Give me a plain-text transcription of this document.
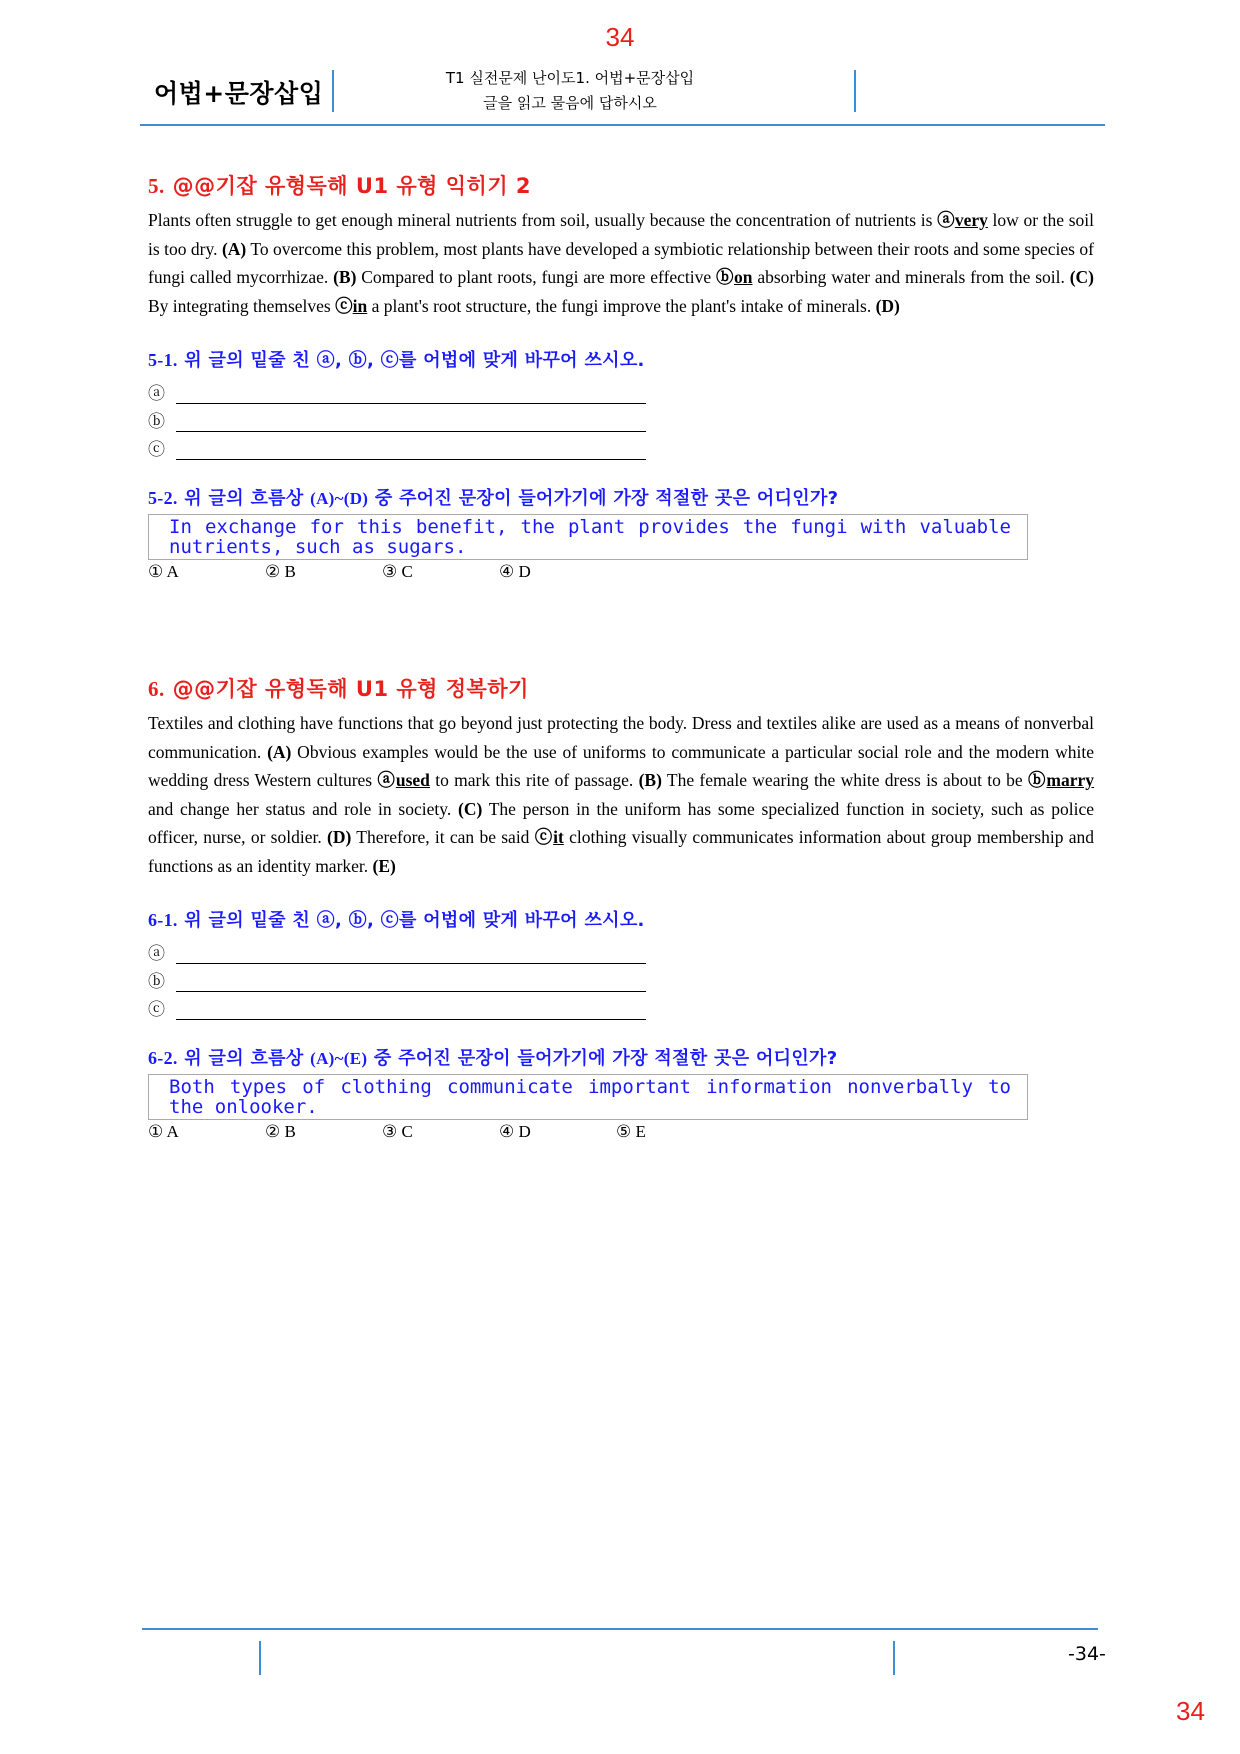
34
어법+문장삽입
T1 실전문제 난이도1. 어법+문장삽입
글을 읽고 물음에 답하시오
5. @@기잡 유형독해 U1 유형 익히기 2
Plants often struggle to get enough mineral nutrients from soil, usually because the concentration of nutrients is ⓐvery low or the soil is too dry. (A) To overcome this problem, most plants have developed a symbiotic relationship between their roots and some species of fungi called mycorrhizae. (B) Compared to plant roots, fungi are more effective ⓑon absorbing water and minerals from the soil. (C) By integrating themselves ⓒin a plant's root structure, the fungi improve the plant's intake of minerals. (D)
5-1. 위 글의 밑줄 친 ⓐ, ⓑ, ⓒ를 어법에 맞게 바꾸어 쓰시오.
ⓐ
ⓑ
ⓒ
5-2. 위 글의 흐름상 (A)~(D) 중 주어진 문장이 들어가기에 가장 적절한 곳은 어디인가?
In exchange for this benefit, the plant provides the fungi with valuable nutrients, such as sugars.
① A	② B	③ C	④ D
6. @@기잡 유형독해 U1 유형 정복하기
Textiles and clothing have functions that go beyond just protecting the body. Dress and textiles alike are used as a means of nonverbal communication. (A) Obvious examples would be the use of uniforms to communicate a particular social role and the modern white wedding dress Western cultures ⓐused to mark this rite of passage. (B) The female wearing the white dress is about to be ⓑmarry and change her status and role in society. (C) The person in the uniform has some specialized function in society, such as police officer, nurse, or soldier. (D) Therefore, it can be said ⓒit clothing visually communicates information about group membership and functions as an identity marker. (E)
6-1. 위 글의 밑줄 친 ⓐ, ⓑ, ⓒ를 어법에 맞게 바꾸어 쓰시오.
ⓐ
ⓑ
ⓒ
6-2. 위 글의 흐름상 (A)~(E) 중 주어진 문장이 들어가기에 가장 적절한 곳은 어디인가?
Both types of clothing communicate important information nonverbally to the onlooker.
① A	② B	③ C	④ D	⑤ E
-34-
34
